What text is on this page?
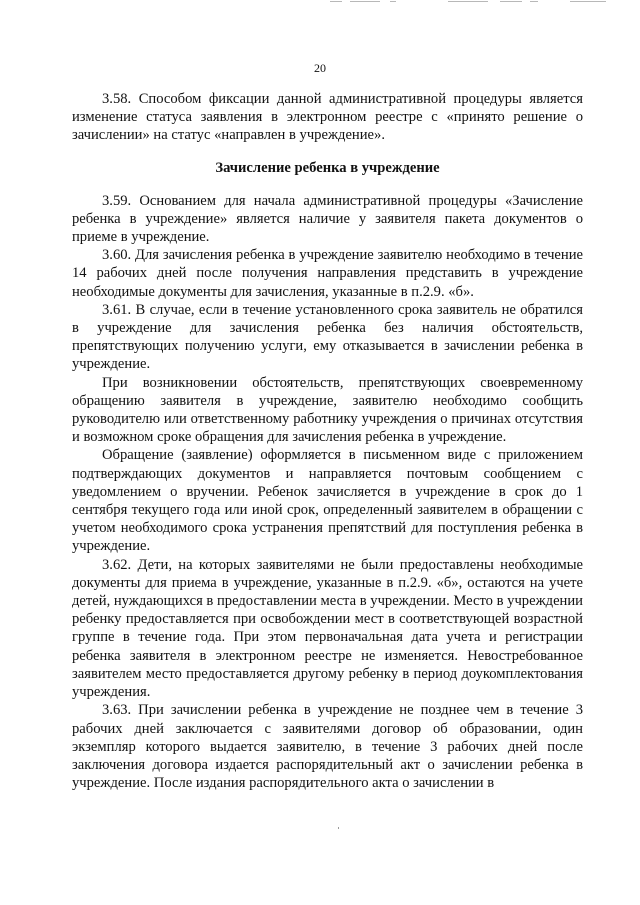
20

3.58. Способом фиксации данной административной процедуры является изменение статуса заявления в электронном реестре с «принято решение о зачислении» на статус «направлен в учреждение».

Зачисление ребенка в учреждение

3.59. Основанием для начала административной процедуры «Зачисление ребенка в учреждение» является наличие у заявителя пакета документов о приеме в учреждение.

3.60. Для зачисления ребенка в учреждение заявителю необходимо в течение 14 рабочих дней после получения направления представить в учреждение необходимые документы для зачисления, указанные в п.2.9. «б».

3.61. В случае, если в течение установленного срока заявитель не обратился в учреждение для зачисления ребенка без наличия обстоятельств, препятствующих получению услуги, ему отказывается в зачислении ребенка в учреждение.

При возникновении обстоятельств, препятствующих своевременному обращению заявителя в учреждение, заявителю необходимо сообщить руководителю или ответственному работнику учреждения о причинах отсутствия и возможном сроке обращения для зачисления ребенка в учреждение.

Обращение (заявление) оформляется в письменном виде с приложением подтверждающих документов и направляется почтовым сообщением с уведомлением о вручении. Ребенок зачисляется в учреждение в срок до 1 сентября текущего года или иной срок, определенный заявителем в обращении с учетом необходимого срока устранения препятствий для поступления ребенка в учреждение.

3.62. Дети, на которых заявителями не были предоставлены необходимые документы для приема в учреждение, указанные в п.2.9. «б», остаются на учете детей, нуждающихся в предоставлении места в учреждении. Место в учреждении ребенку предоставляется при освобождении мест в соответствующей возрастной группе в течение года. При этом первоначальная дата учета и регистрации ребенка заявителя в электронном реестре не изменяется. Невостребованное заявителем место предоставляется другому ребенку в период доукомплектования учреждения.

3.63. При зачислении ребенка в учреждение не позднее чем в течение 3 рабочих дней заключается с заявителями договор об образовании, один экземпляр которого выдается заявителю, в течение 3 рабочих дней после заключения договора издается распорядительный акт о зачислении ребенка в учреждение. После издания распорядительного акта о зачислении в
